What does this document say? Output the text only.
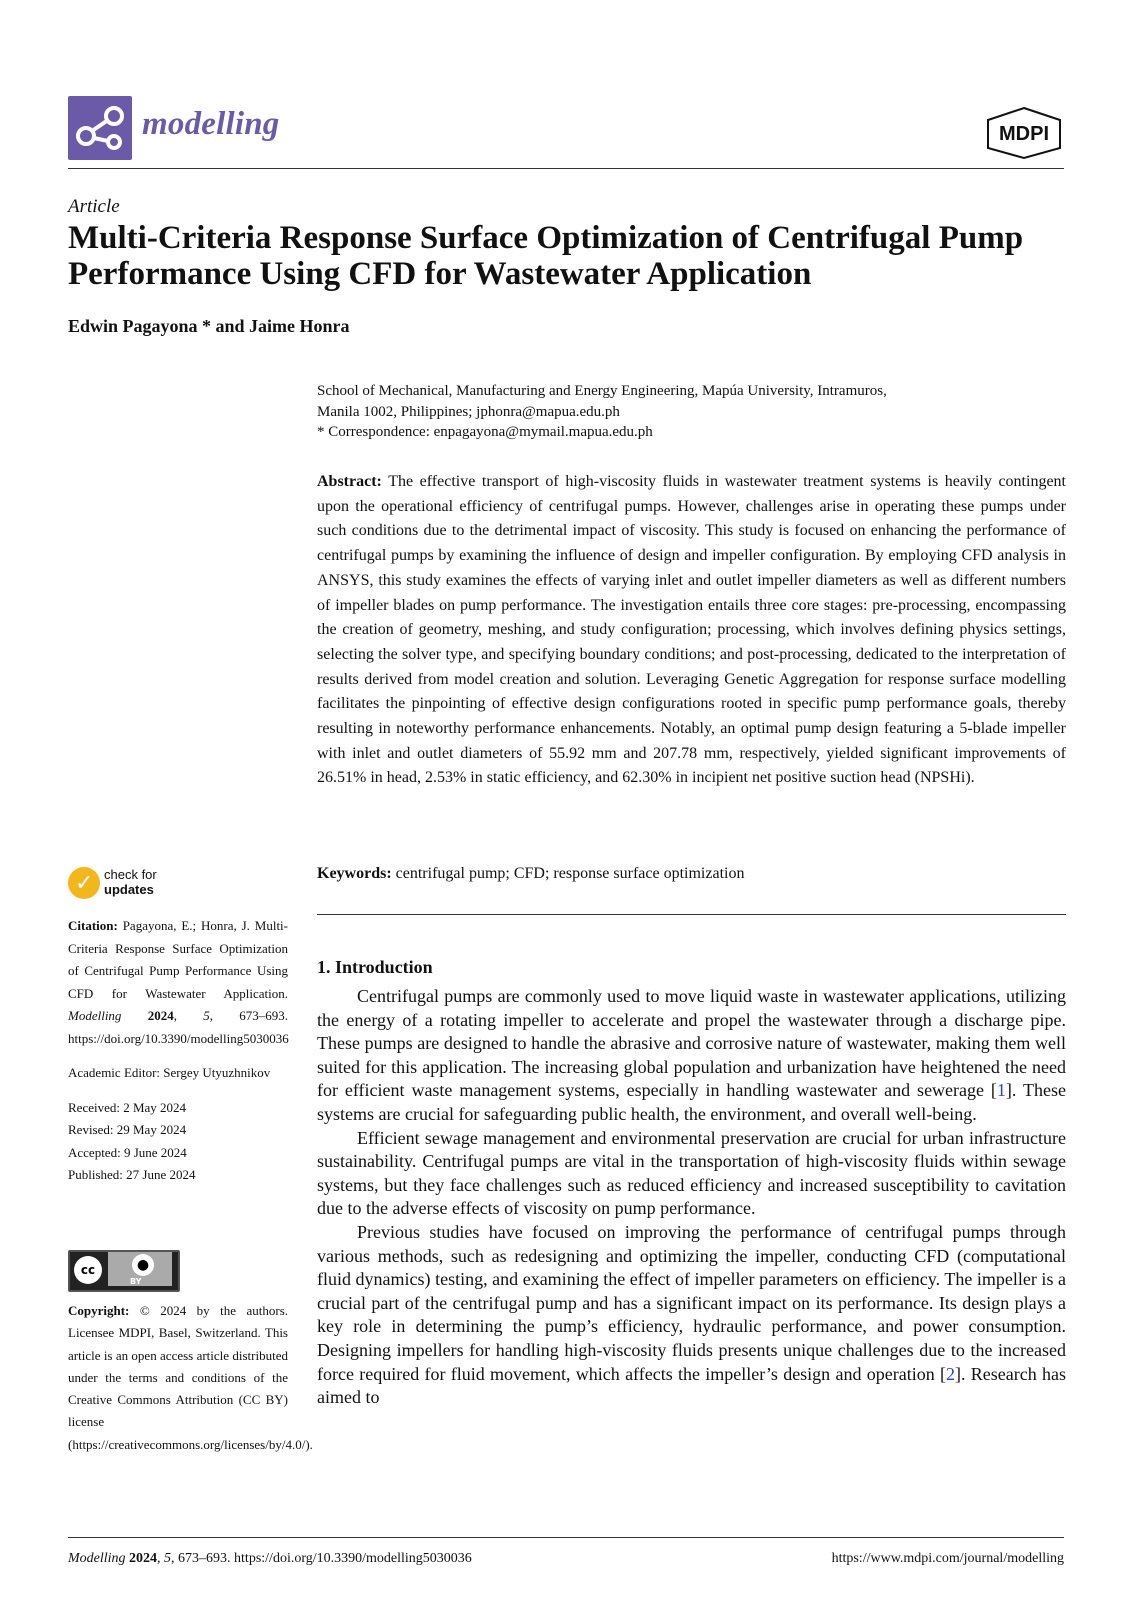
modelling	MDPI
Article
Multi-Criteria Response Surface Optimization of Centrifugal Pump Performance Using CFD for Wastewater Application
Edwin Pagayona * and Jaime Honra
School of Mechanical, Manufacturing and Energy Engineering, Mapúa University, Intramuros,
Manila 1002, Philippines; jphonra@mapua.edu.ph
* Correspondence: enpagayona@mymail.mapua.edu.ph
Abstract: The effective transport of high-viscosity fluids in wastewater treatment systems is heavily contingent upon the operational efficiency of centrifugal pumps. However, challenges arise in operating these pumps under such conditions due to the detrimental impact of viscosity. This study is focused on enhancing the performance of centrifugal pumps by examining the influence of design and impeller configuration. By employing CFD analysis in ANSYS, this study examines the effects of varying inlet and outlet impeller diameters as well as different numbers of impeller blades on pump performance. The investigation entails three core stages: pre-processing, encompassing the creation of geometry, meshing, and study configuration; processing, which involves defining physics settings, selecting the solver type, and specifying boundary conditions; and post-processing, dedicated to the interpretation of results derived from model creation and solution. Leveraging Genetic Aggregation for response surface modelling facilitates the pinpointing of effective design configurations rooted in specific pump performance goals, thereby resulting in noteworthy performance enhancements. Notably, an optimal pump design featuring a 5-blade impeller with inlet and outlet diameters of 55.92 mm and 207.78 mm, respectively, yielded significant improvements of 26.51% in head, 2.53% in static efficiency, and 62.30% in incipient net positive suction head (NPSHi).
Keywords: centrifugal pump; CFD; response surface optimization
1. Introduction

Centrifugal pumps are commonly used to move liquid waste in wastewater applications, utilizing the energy of a rotating impeller to accelerate and propel the wastewater through a discharge pipe. These pumps are designed to handle the abrasive and corrosive nature of wastewater, making them well suited for this application. The increasing global population and urbanization have heightened the need for efficient waste management systems, especially in handling wastewater and sewerage [1]. These systems are crucial for safeguarding public health, the environment, and overall well-being.

Efficient sewage management and environmental preservation are crucial for urban infrastructure sustainability. Centrifugal pumps are vital in the transportation of high-viscosity fluids within sewage systems, but they face challenges such as reduced efficiency and increased susceptibility to cavitation due to the adverse effects of viscosity on pump performance.

Previous studies have focused on improving the performance of centrifugal pumps through various methods, such as redesigning and optimizing the impeller, conducting CFD (computational fluid dynamics) testing, and examining the effect of impeller parameters on efficiency. The impeller is a crucial part of the centrifugal pump and has a significant impact on its performance. Its design plays a key role in determining the pump’s efficiency, hydraulic performance, and power consumption. Designing impellers for handling high-viscosity fluids presents unique challenges due to the increased force required for fluid movement, which affects the impeller’s design and operation [2]. Research has aimed to

✓ check for
updates
Citation: Pagayona, E.; Honra, J. Multi-Criteria Response Surface Optimization of Centrifugal Pump Performance Using CFD for Wastewater Application. Modelling 2024, 5, 673–693. https://doi.org/10.3390/modelling5030036
Academic Editor: Sergey Utyuzhnikov
Received: 2 May 2024
Revised: 29 May 2024
Accepted: 9 June 2024
Published: 27 June 2024
cc	●
BY
Copyright: © 2024 by the authors. Licensee MDPI, Basel, Switzerland. This article is an open access article distributed under the terms and conditions of the Creative Commons Attribution (CC BY) license (https://creativecommons.org/licenses/by/4.0/).
Modelling 2024, 5, 673–693. https://doi.org/10.3390/modelling5030036	https://www.mdpi.com/journal/modelling
